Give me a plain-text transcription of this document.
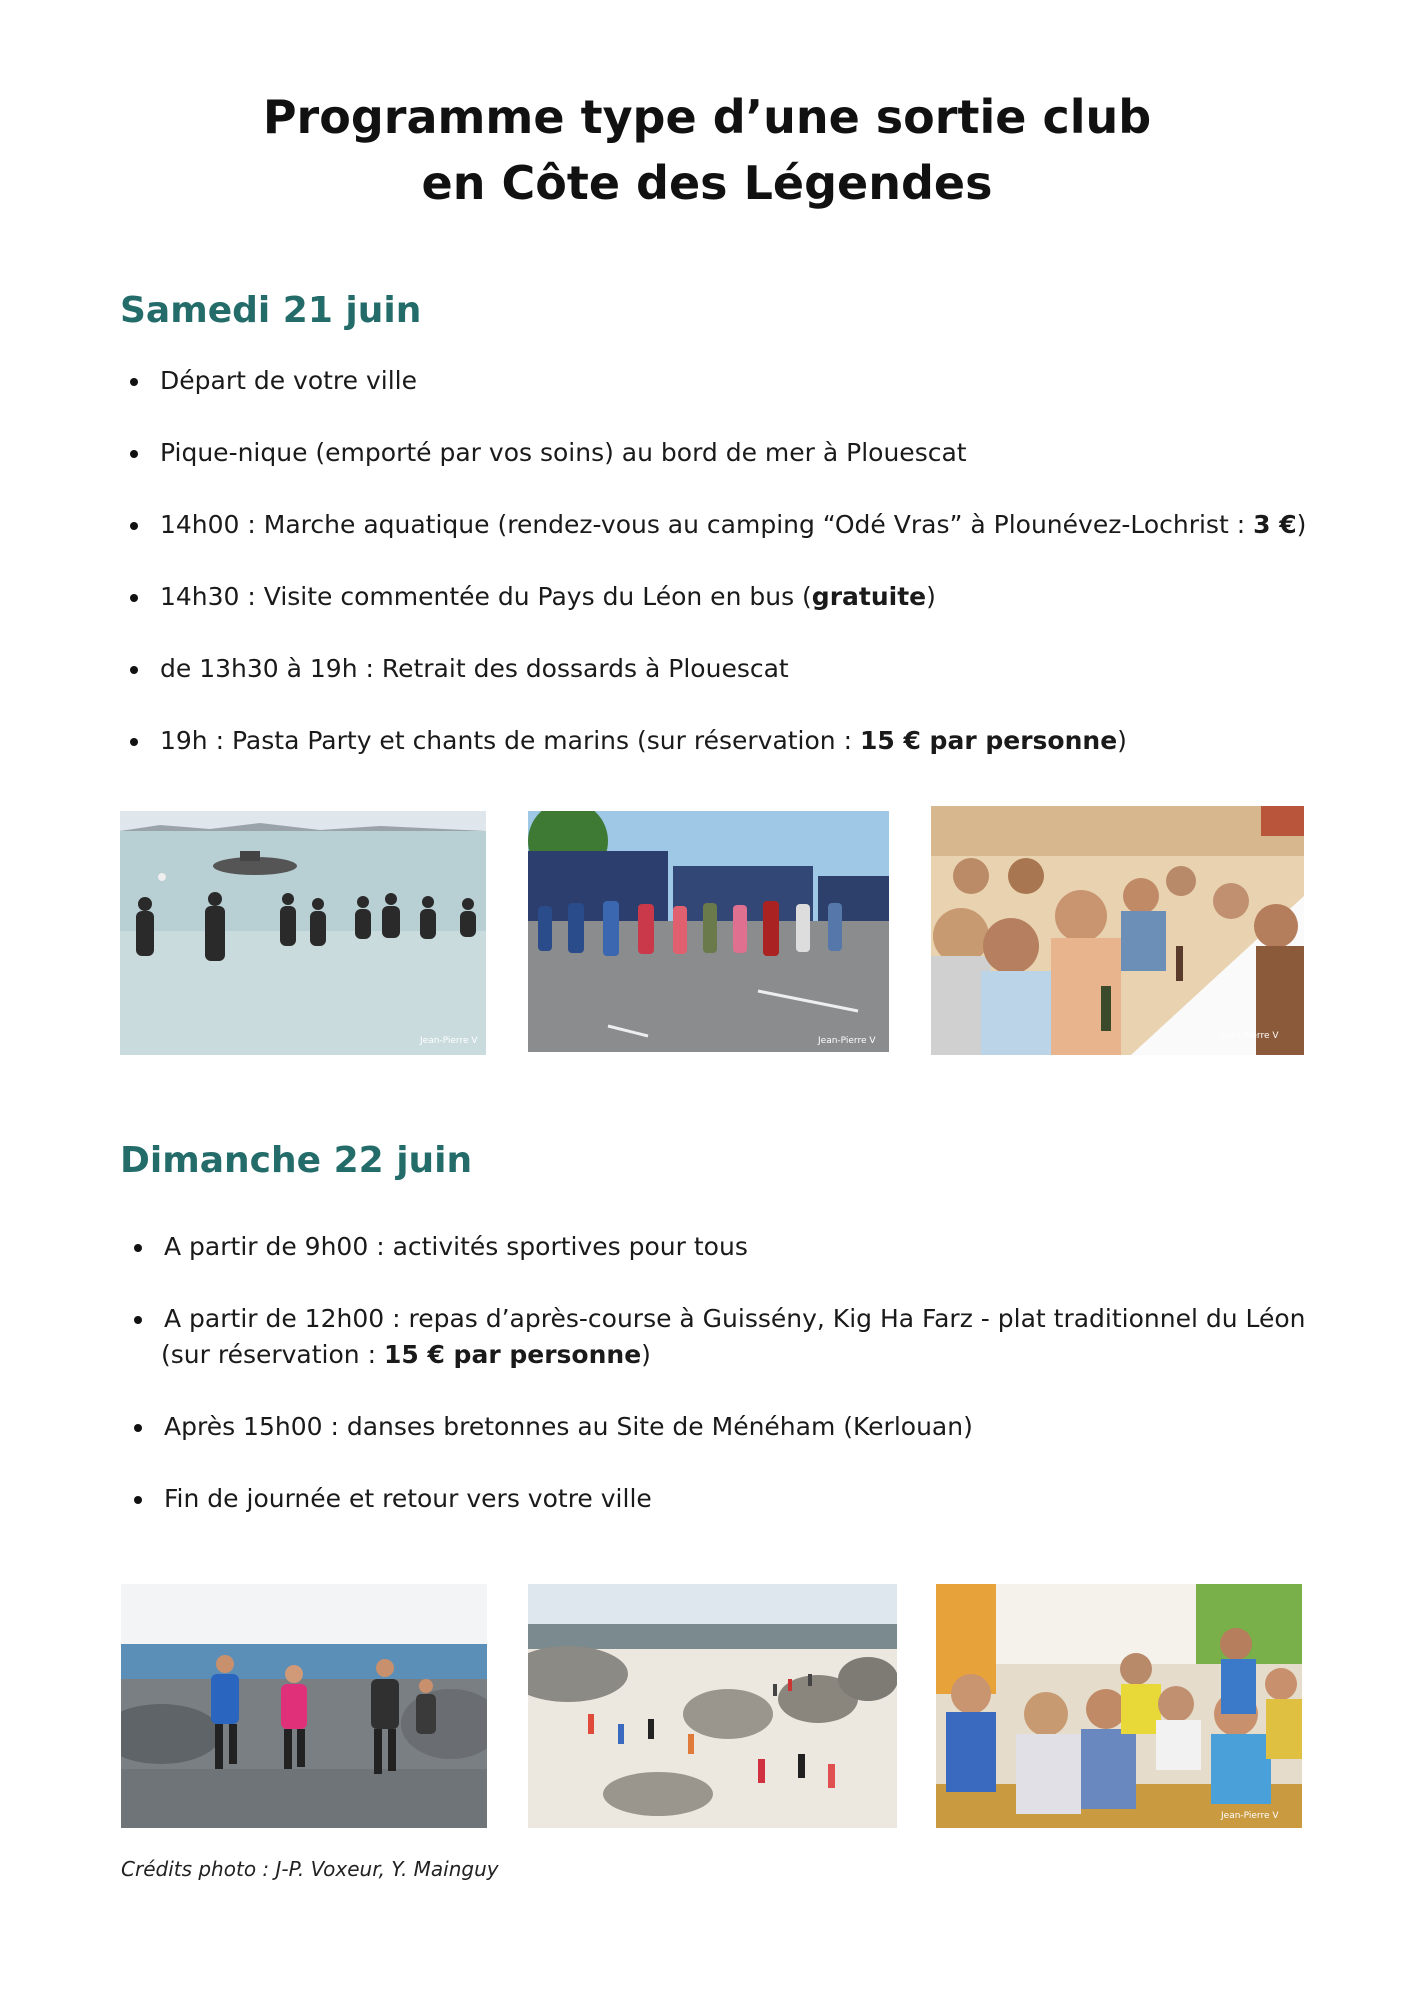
Programme type d’une sortie club
en Côte des Légendes
Samedi 21 juin
Départ de votre ville
Pique-nique (emporté par vos soins) au bord de mer à Plouescat
14h00 : Marche aquatique (rendez-vous au camping “Odé Vras” à Plounévez-Lochrist : 3 €)
14h30 : Visite commentée du Pays du Léon en bus (gratuite)
de 13h30 à 19h : Retrait des dossards à Plouescat
19h : Pasta Party et chants de marins (sur réservation : 15 € par personne)
Jean-Pierre V	Jean-Pierre V	Jean-Pierre V
Dimanche 22 juin
A partir de 9h00 : activités sportives pour tous
A partir de 12h00 : repas d’après-course à Guissény, Kig Ha Farz - plat traditionnel du Léon
(sur réservation : 15 € par personne)
Après 15h00 : danses bretonnes au Site de Ménéham (Kerlouan)
Fin de journée et retour vers votre ville
Jean-Pierre V
Crédits photo : J-P. Voxeur, Y. Mainguy
